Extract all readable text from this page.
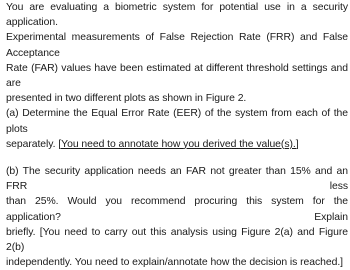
You are evaluating a biometric system for potential use in a security application.
Experimental measurements of False Rejection Rate (FRR) and False Acceptance
Rate (FAR) values have been estimated at different threshold settings and are
presented in two different plots as shown in Figure 2.
(a) Determine the Equal Error Rate (EER) of the system from each of the plots
separately. [You need to annotate how you derived the value(s).]
(b) The security application needs an FAR not greater than 15% and an FRR less
than 25%. Would you recommend procuring this system for the application? Explain
briefly. [You need to carry out this analysis using Figure 2(a) and Figure 2(b)
independently. You need to explain/annotate how the decision is reached.]
